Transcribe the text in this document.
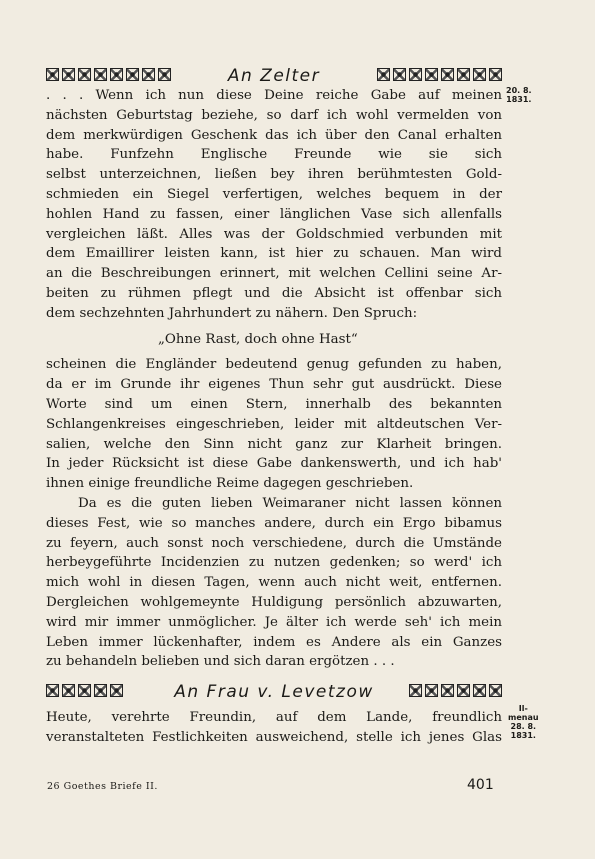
An Zelter
20. 8.
1831.
. . . Wenn ich nun diese Deine reiche Gabe auf meinen
nächsten Geburtstag beziehe, so darf ich wohl vermelden von
dem merkwürdigen Geschenk das ich über den Canal erhalten
habe. Funfzehn Englische Freunde wie sie sich
selbst unterzeichnen, ließen bey ihren berühmtesten Gold-
schmieden ein Siegel verfertigen, welches bequem in der
hohlen Hand zu fassen, einer länglichen Vase sich allenfalls
vergleichen läßt. Alles was der Goldschmied verbunden mit
dem Emaillirer leisten kann, ist hier zu schauen. Man wird
an die Beschreibungen erinnert, mit welchen Cellini seine Ar-
beiten zu rühmen pflegt und die Absicht ist offenbar sich
dem sechzehnten Jahrhundert zu nähern. Den Spruch:
„Ohne Rast, doch ohne Hast“
scheinen die Engländer bedeutend genug gefunden zu haben,
da er im Grunde ihr eigenes Thun sehr gut ausdrückt. Diese
Worte sind um einen Stern, innerhalb des bekannten
Schlangenkreises eingeschrieben, leider mit altdeutschen Ver-
salien, welche den Sinn nicht ganz zur Klarheit bringen.
In jeder Rücksicht ist diese Gabe dankenswerth, und ich hab'
ihnen einige freundliche Reime dagegen geschrieben.
Da es die guten lieben Weimaraner nicht lassen können
dieses Fest, wie so manches andere, durch ein Ergo bibamus
zu feyern, auch sonst noch verschiedene, durch die Umstände
herbeygeführte Incidenzien zu nutzen gedenken; so werd' ich
mich wohl in diesen Tagen, wenn auch nicht weit, entfernen.
Dergleichen wohlgemeynte Huldigung persönlich abzuwarten,
wird mir immer unmöglicher. Je älter ich werde seh' ich mein
Leben immer lückenhafter, indem es Andere als ein Ganzes
zu behandeln belieben und sich daran ergötzen . . .
An Frau v. Levetzow
Il-
menau
28. 8.
1831.
Heute, verehrte Freundin, auf dem Lande, freundlich
veranstalteten Festlichkeiten ausweichend, stelle ich jenes Glas
26 Goethes Briefe II.	401
